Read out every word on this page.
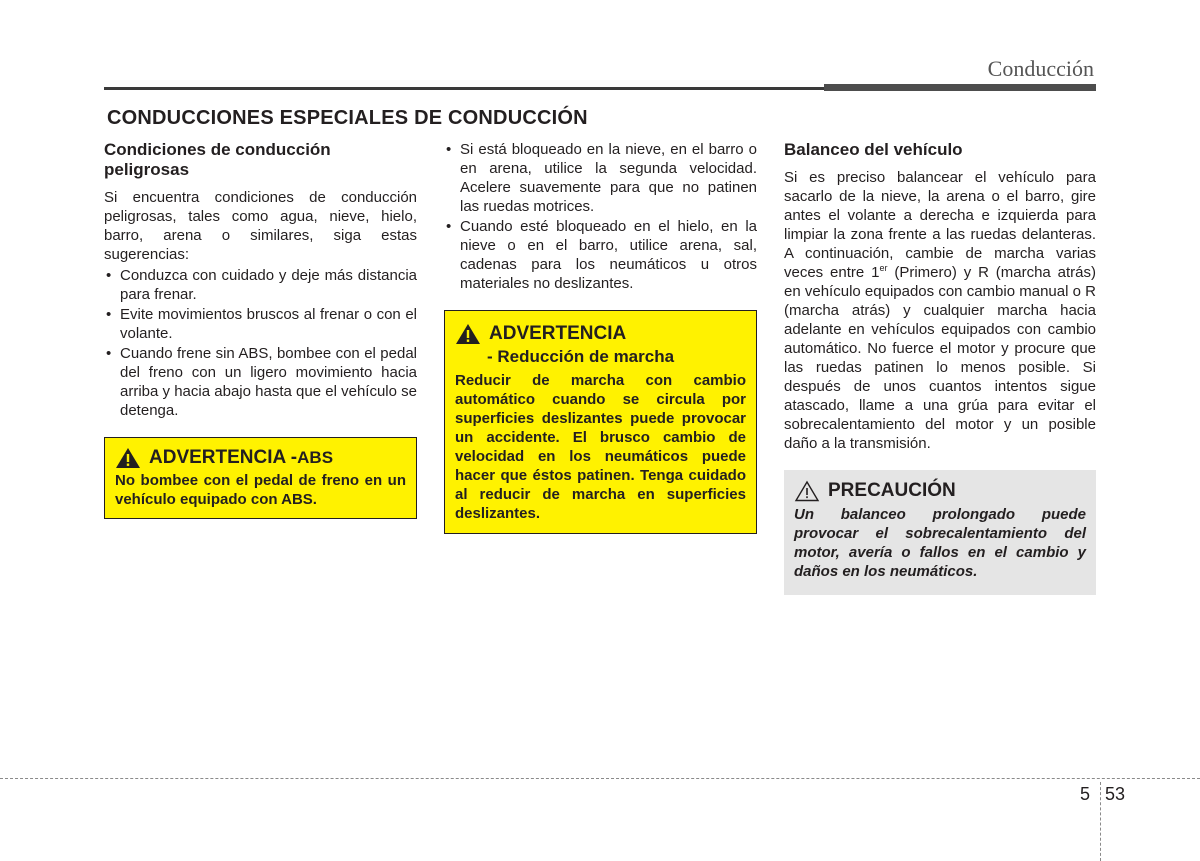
Conducción
CONDUCCIONES ESPECIALES DE CONDUCCIÓN
Condiciones de conducción peligrosas

Si encuentra condiciones de conducción peligrosas, tales como agua, nieve, hielo, barro, arena o similares, siga estas sugerencias:

• Conduzca con cuidado y deje más distancia para frenar.
• Evite movimientos bruscos al frenar o con el volante.
• Cuando frene sin ABS, bombee con el pedal del freno con un ligero movimiento hacia arriba y hacia abajo hasta que el vehículo se detenga.
ADVERTENCIA - ABS
No bombee con el pedal de freno en un vehículo equipado con ABS.
• Si está bloqueado en la nieve, en el barro o en arena, utilice la segunda velocidad. Acelere suavemente para que no patinen las ruedas motrices.
• Cuando esté bloqueado en el hielo, en la nieve o en el barro, utilice arena, sal, cadenas para los neumáticos u otros materiales no deslizantes.
ADVERTENCIA
- Reducción de marcha
Reducir de marcha con cambio automático cuando se circula por superficies deslizantes puede provocar un accidente. El brusco cambio de velocidad en los neumáticos puede hacer que éstos patinen. Tenga cuidado al reducir de marcha en superficies deslizantes.
Balanceo del vehículo

Si es preciso balancear el vehículo para sacarlo de la nieve, la arena o el barro, gire antes el volante a derecha e izquierda para limpiar la zona frente a las ruedas delanteras. A continuación, cambie de marcha varias veces entre 1er (Primero) y R (marcha atrás) en vehículo equipados con cambio manual o R (marcha atrás) y cualquier marcha hacia adelante en vehículos equipados con cambio automático. No fuerce el motor y procure que las ruedas patinen lo menos posible. Si después de unos cuantos intentos sigue atascado, llame a una grúa para evitar el sobrecalentamiento del motor y un posible daño a la transmisión.

PRECAUCIÓN
Un balanceo prolongado puede provocar el sobrecalentamiento del motor, avería o fallos en el cambio y daños en los neumáticos.
5 53
